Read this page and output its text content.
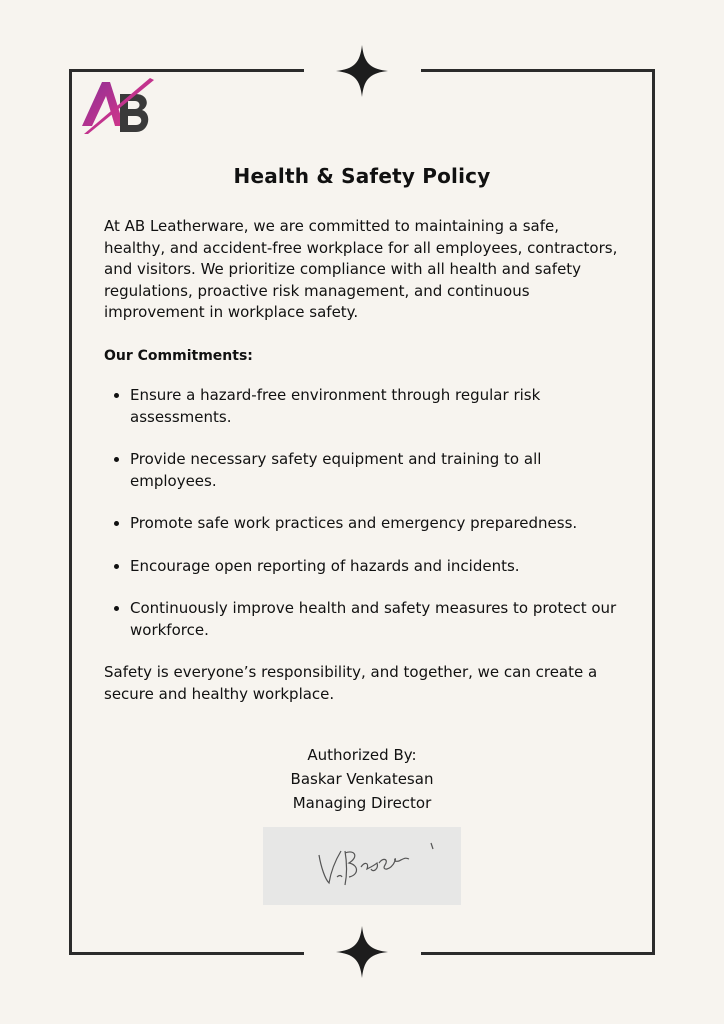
Health & Safety Policy

At AB Leatherware, we are committed to maintaining a safe, healthy, and accident-free workplace for all employees, contractors, and visitors. We prioritize compliance with all health and safety regulations, proactive risk management, and continuous improvement in workplace safety.

Our Commitments:

• Ensure a hazard-free environment through regular risk assessments.
• Provide necessary safety equipment and training to all employees.
• Promote safe work practices and emergency preparedness.
• Encourage open reporting of hazards and incidents.
• Continuously improve health and safety measures to protect our workforce.

Safety is everyone’s responsibility, and together, we can create a secure and healthy workplace.

Authorized By:
Baskar Venkatesan
Managing Director
